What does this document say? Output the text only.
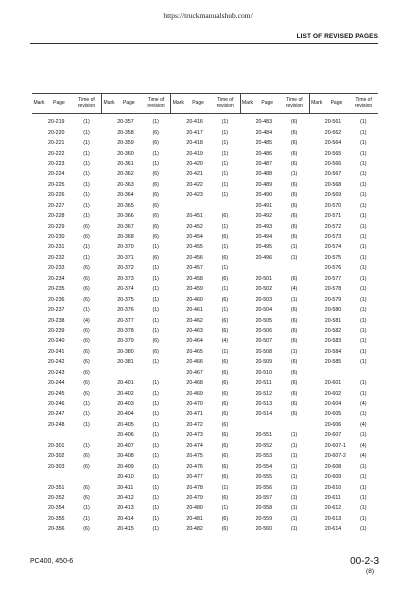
https://truckmanualshub.com/
LIST OF REVISED PAGES
Mark	Page	Time of revision
20-219	(1)
20-220	(1)
20-221	(1)
20-222	(1)
20-223	(1)
20-224	(1)
20-225	(1)
20-226	(1)
20-227	(1)
20-228	(1)
20-229	(6)
20-230	(6)
20-231	(1)
20-232	(1)
20-233	(6)
20-234	(6)
20-235	(6)
20-236	(6)
20-237	(1)
20-238	(4)
20-239	(6)
20-240	(6)
20-241	(6)
20-242	(6)
20-243	(6)
20-244	(6)
20-245	(6)
20-246	(1)
20-247	(1)
20-248	(1)
20-301	(1)
20-302	(6)
20-303	(6)
20-351	(6)
20-352	(6)
20-354	(1)
20-355	(1)
20-356	(6)
Mark	Page	Time of revision
20-357	(1)
20-358	(6)
20-359	(6)
20-360	(1)
20-361	(1)
20-362	(6)
20-363	(6)
20-364	(6)
20-365	(6)
20-366	(6)
20-367	(6)
20-368	(6)
20-370	(1)
20-371	(6)
20-372	(1)
20-373	(1)
20-374	(1)
20-375	(1)
20-376	(1)
20-377	(1)
20-378	(1)
20-379	(6)
20-380	(6)
20-381	(1)
20-401	(1)
20-402	(1)
20-403	(1)
20-404	(1)
20-405	(1)
20-406	(1)
20-407	(1)
20-408	(1)
20-409	(1)
20-410	(1)
20-411	(1)
20-412	(1)
20-413	(1)
20-414	(1)
20-415	(1)
Mark	Page	Time of revision
20-416	(1)
20-417	(1)
20-418	(1)
20-419	(1)
20-420	(1)
20-421	(1)
20-422	(1)
20-423	(1)
20-451	(6)
20-452	(1)
20-454	(6)
20-455	(1)
20-456	(6)
20-457	(1)
20-458	(6)
20-459	(1)
20-460	(6)
20-461	(1)
20-462	(6)
20-463	(6)
20-464	(4)
20-465	(1)
20-466	(6)
20-467	(6)
20-468	(6)
20-469	(6)
20-470	(6)
20-471	(6)
20-472	(6)
20-473	(6)
20-474	(6)
20-475	(6)
20-476	(6)
20-477	(6)
20-478	(1)
20-479	(6)
20-480	(1)
20-481	(6)
20-482	(6)
Mark	Page	Time of revision
20-483	(6)
20-484	(6)
20-485	(6)
20-486	(6)
20-487	(6)
20-488	(1)
20-489	(6)
20-490	(6)
20-491	(6)
20-492	(6)
20-493	(6)
20-494	(6)
20-495	(1)
20-496	(1)
20-501	(6)
20-502	(4)
20-503	(1)
20-504	(6)
20-505	(6)
20-506	(6)
20-507	(6)
20-508	(1)
20-509	(6)
20-510	(6)
20-511	(6)
20-512	(6)
20-513	(6)
20-514	(6)
20-551	(1)
20-552	(1)
20-553	(1)
20-554	(1)
20-555	(1)
20-556	(1)
20-557	(1)
20-558	(1)
20-559	(1)
20-560	(1)
Mark	Page	Time of revision
20-561	(1)
20-562	(1)
20-564	(1)
20-565	(1)
20-566	(1)
20-567	(1)
20-568	(1)
20-569	(1)
20-570	(1)
20-571	(1)
20-572	(1)
20-573	(1)
20-574	(1)
20-575	(1)
20-576	(1)
20-577	(1)
20-578	(1)
20-579	(1)
20-580	(1)
20-581	(1)
20-582	(1)
20-583	(1)
20-584	(1)
20-585	(1)
20-601	(1)
20-602	(1)
20-604	(4)
20-605	(1)
20-606	(4)
20-607	(1)
20-607-1	(4)
20-607-2	(4)
20-608	(1)
20-609	(1)
20-610	(1)
20-611	(1)
20-612	(1)
20-613	(1)
20-614	(1)
PC400, 450-6	00-2-3
(8)
